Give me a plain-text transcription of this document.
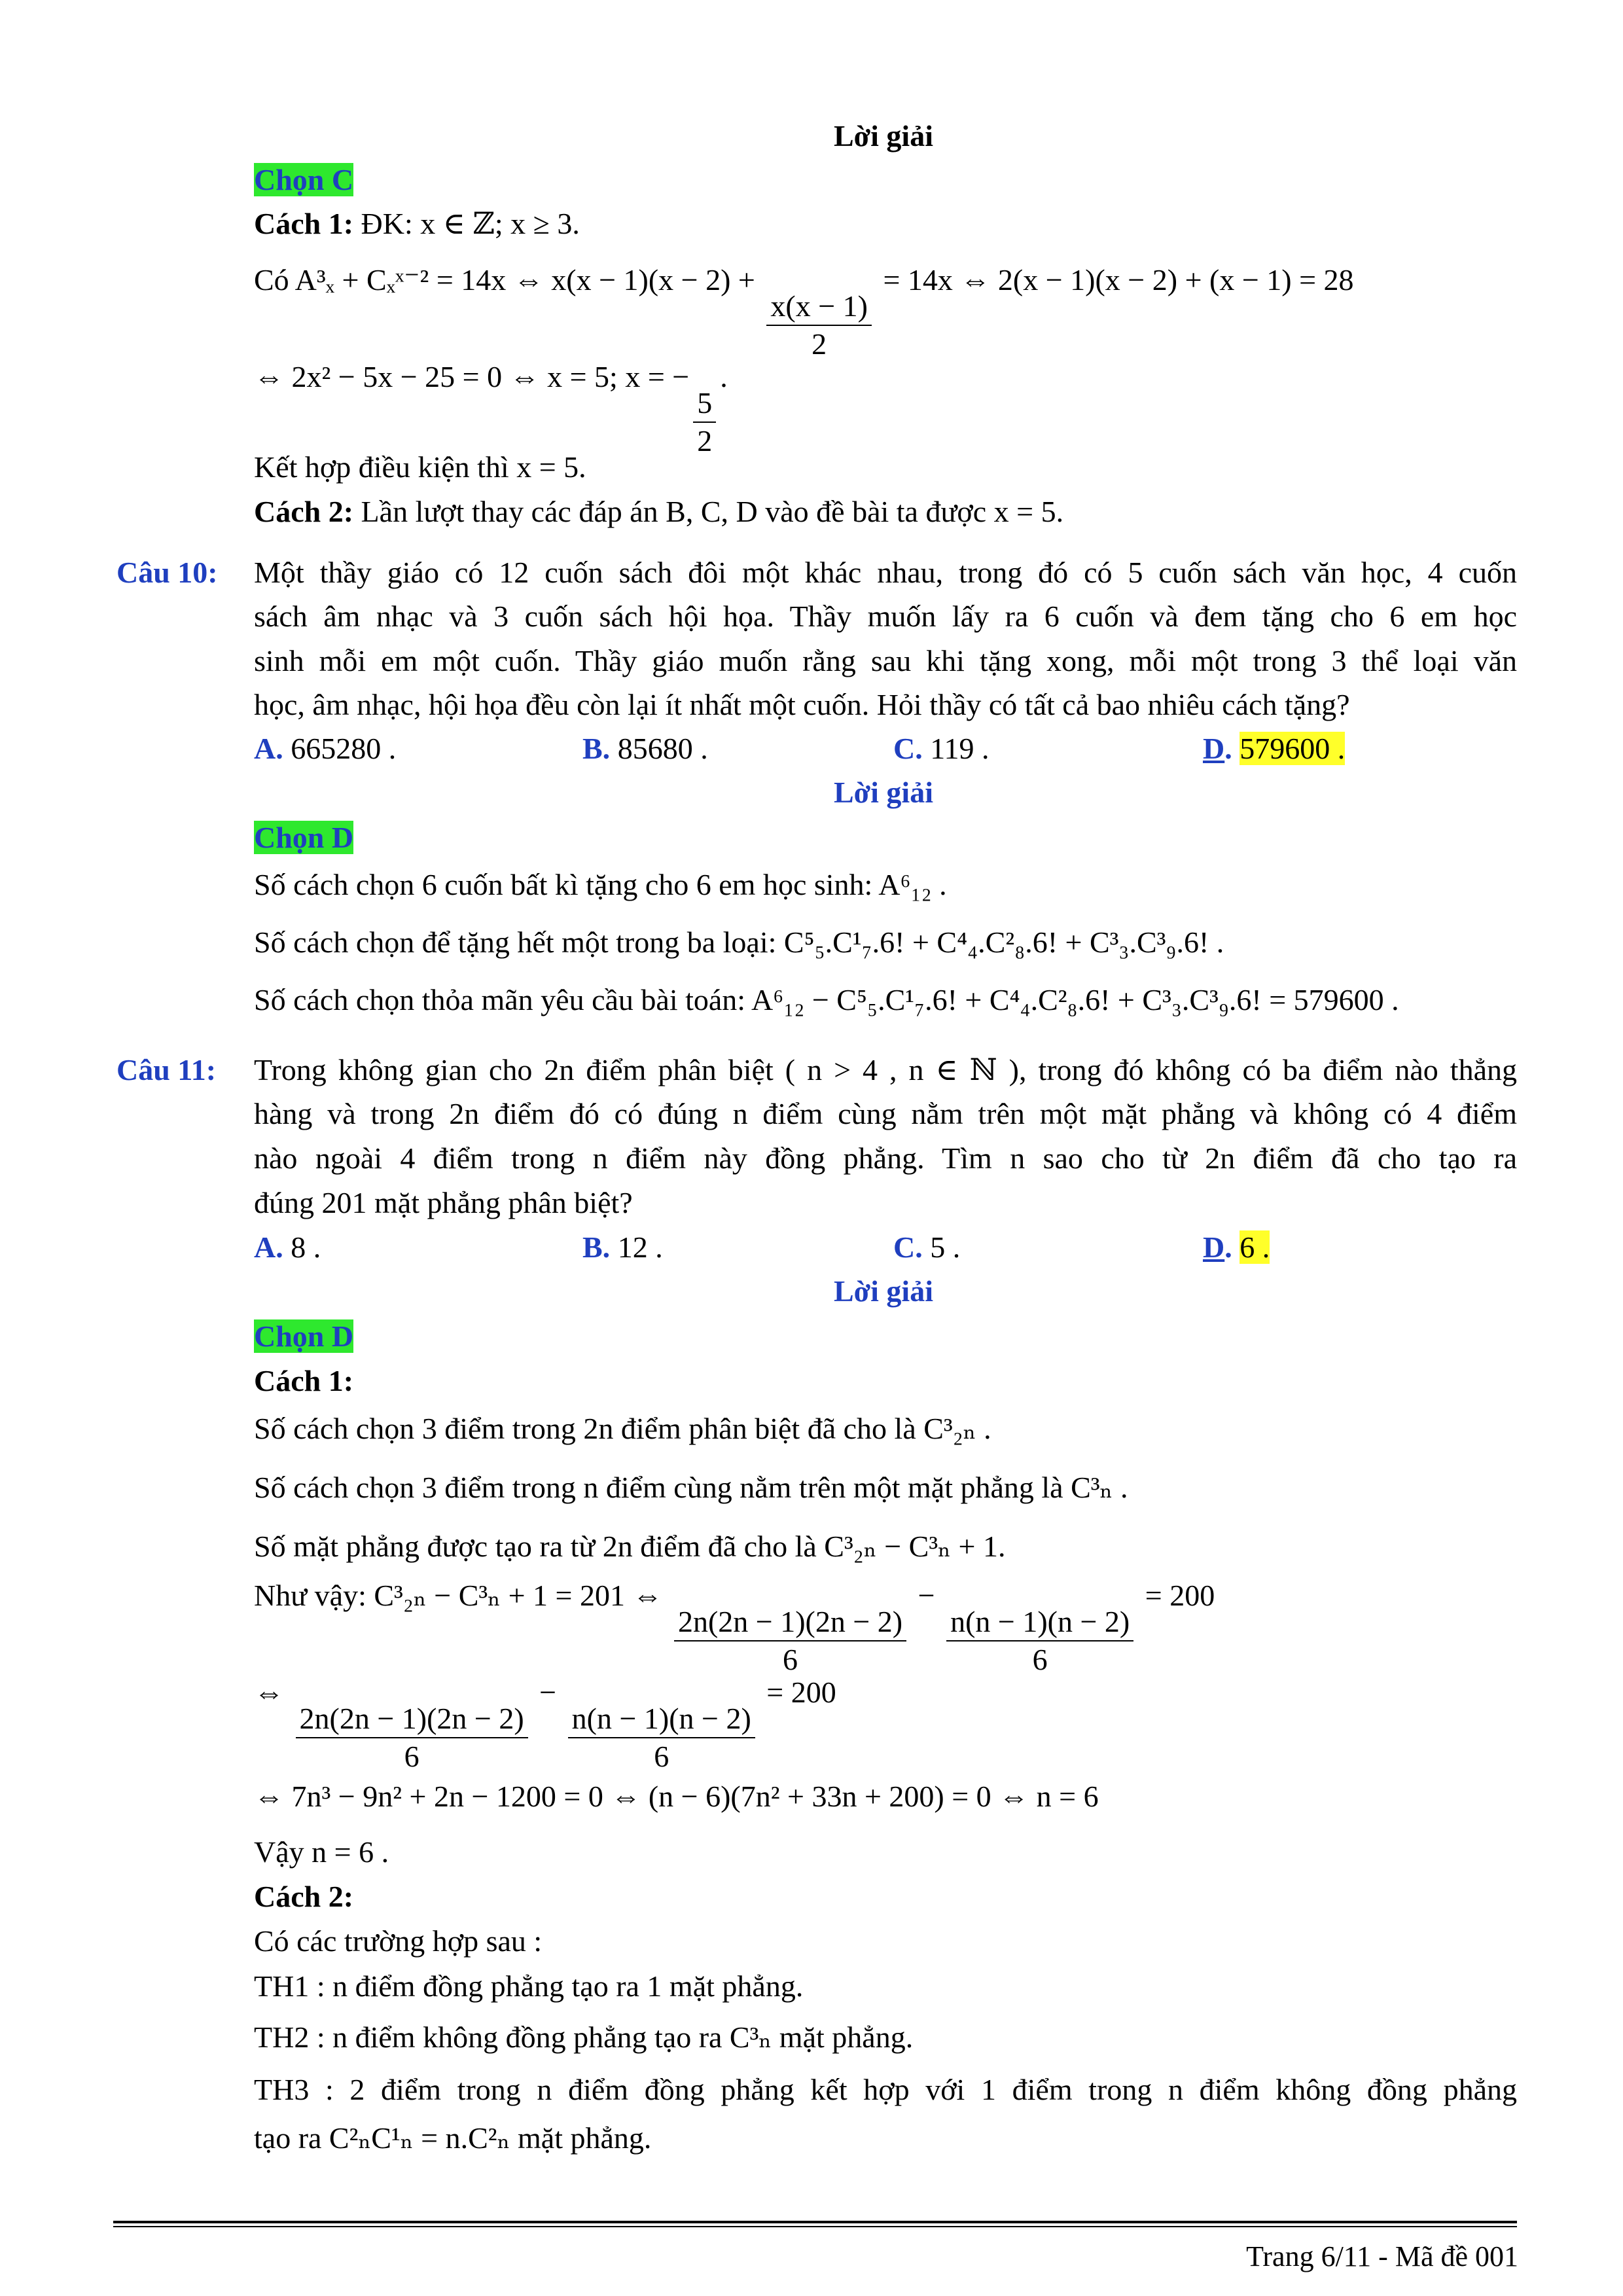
Lời giải
Chọn C
Cách 1: ĐK: x ∈ ℤ; x ≥ 3.
Có A³ₓ + Cₓˣ⁻² = 14x ⇔ x(x − 1)(x − 2) +
$\frac{x(x - 1)}{2}$
= 14x ⇔ 2(x − 1)(x − 2) + (x − 1) = 28
⇔ 2x² − 5x − 25 = 0 ⇔ x = 5; x = −
$\frac{5}{2}$
.
Kết hợp điều kiện thì x = 5.
Cách 2: Lần lượt thay các đáp án B, C, D vào đề bài ta được x = 5.
Câu 10: Một thầy giáo có 12 cuốn sách đôi một khác nhau, trong đó có 5 cuốn sách văn học, 4 cuốn
sách âm nhạc và 3 cuốn sách hội họa. Thầy muốn lấy ra 6 cuốn và đem tặng cho 6 em học
sinh mỗi em một cuốn. Thầy giáo muốn rằng sau khi tặng xong, mỗi một trong 3 thể loại văn
học, âm nhạc, hội họa đều còn lại ít nhất một cuốn. Hỏi thầy có tất cả bao nhiêu cách tặng?
A. 665280 .	B. 85680 .	C. 119 .	D. 579600 .
Lời giải
Chọn D
Số cách chọn 6 cuốn bất kì tặng cho 6 em học sinh: A⁶₁₂ .
Số cách chọn để tặng hết một trong ba loại: C⁵₅.C¹₇.6! + C⁴₄.C²₈.6! + C³₃.C³₉.6! .
Số cách chọn thỏa mãn yêu cầu bài toán: A⁶₁₂ − C⁵₅.C¹₇.6! + C⁴₄.C²₈.6! + C³₃.C³₉.6! = 579600 .
Câu 11: Trong không gian cho 2n điểm phân biệt ( n > 4 , n ∈ ℕ ), trong đó không có ba điểm nào thẳng
hàng và trong 2n điểm đó có đúng n điểm cùng nằm trên một mặt phẳng và không có 4 điểm
nào ngoài 4 điểm trong n điểm này đồng phẳng. Tìm n sao cho từ 2n điểm đã cho tạo ra
đúng 201 mặt phẳng phân biệt?
A. 8 .	B. 12 .	C. 5 .	D. 6 .
Lời giải
Chọn D
Cách 1:
Số cách chọn 3 điểm trong 2n điểm phân biệt đã cho là C³₂ₙ .
Số cách chọn 3 điểm trong n điểm cùng nằm trên một mặt phẳng là C³ₙ .
Số mặt phẳng được tạo ra từ 2n điểm đã cho là C³₂ₙ − C³ₙ + 1.
Như vậy: C³₂ₙ − C³ₙ + 1 = 201 ⇔
$\frac{2n(2n - 1)(2n - 2)}{6}$
−
$\frac{n(n - 1)(n - 2)}{6}$
= 200
⇔
$\frac{2n(2n - 1)(2n - 2)}{6}$
−
$\frac{n(n - 1)(n - 2)}{6}$
= 200
⇔ 7n³ − 9n² + 2n − 1200 = 0 ⇔ (n − 6)(7n² + 33n + 200) = 0 ⇔ n = 6
Vậy n = 6 .
Cách 2:
Có các trường hợp sau :
TH1 : n điểm đồng phẳng tạo ra 1 mặt phẳng.
TH2 : n điểm không đồng phẳng tạo ra C³ₙ mặt phẳng.
TH3 : 2 điểm trong n điểm đồng phẳng kết hợp với 1 điểm trong n điểm không đồng phẳng
tạo ra C²ₙC¹ₙ = n.C²ₙ mặt phẳng.
Trang 6/11 - Mã đề 001
